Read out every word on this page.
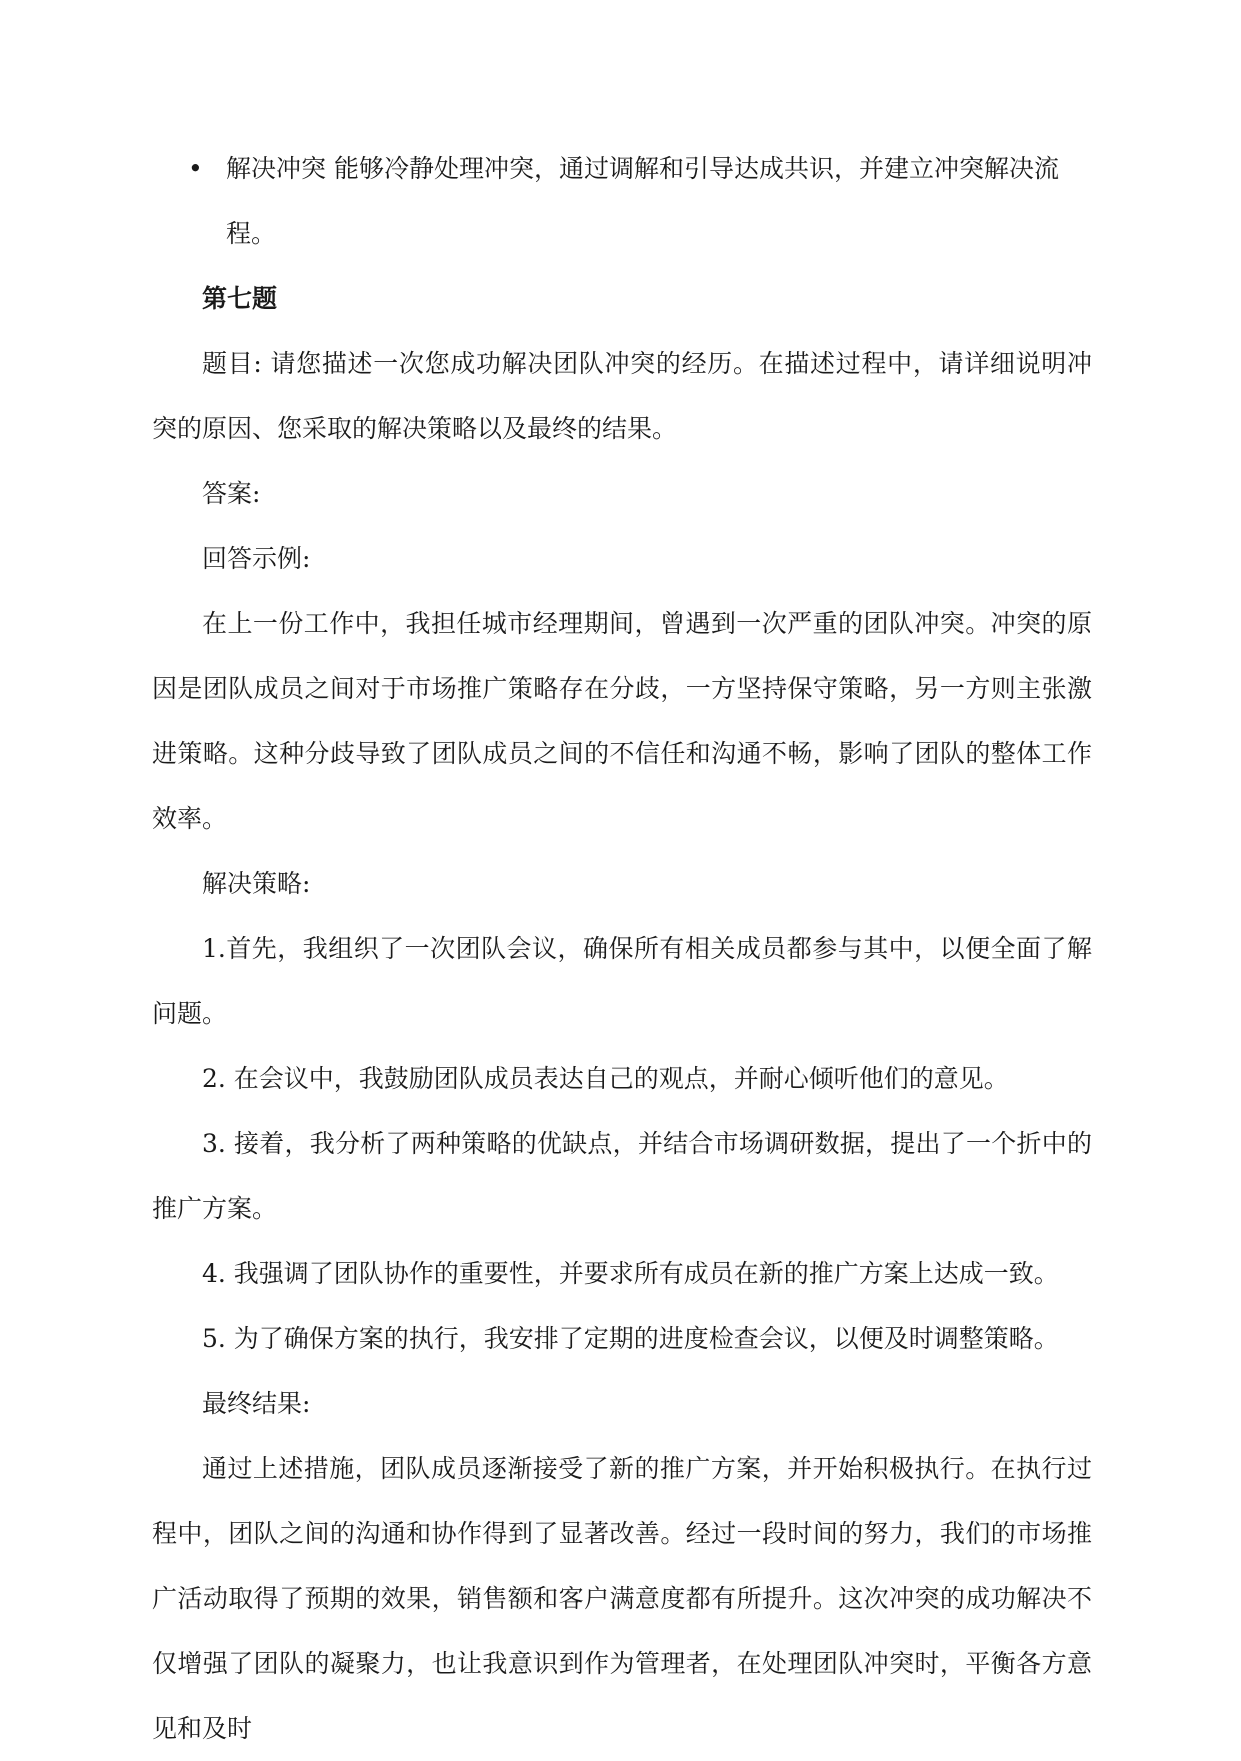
• 解决冲突 能够冷静处理冲突，通过调解和引导达成共识，并建立冲突解决流程。

第七题

题目: 请您描述一次您成功解决团队冲突的经历。在描述过程中，请详细说明冲突的原因、您采取的解决策略以及最终的结果。

答案:

回答示例:

在上一份工作中，我担任城市经理期间，曾遇到一次严重的团队冲突。冲突的原因是团队成员之间对于市场推广策略存在分歧，一方坚持保守策略，另一方则主张激进策略。这种分歧导致了团队成员之间的不信任和沟通不畅，影响了团队的整体工作效率。

解决策略:

1.首先，我组织了一次团队会议，确保所有相关成员都参与其中，以便全面了解问题。

2. 在会议中，我鼓励团队成员表达自己的观点，并耐心倾听他们的意见。

3. 接着，我分析了两种策略的优缺点，并结合市场调研数据，提出了一个折中的推广方案。

4. 我强调了团队协作的重要性，并要求所有成员在新的推广方案上达成一致。

5. 为了确保方案的执行，我安排了定期的进度检查会议，以便及时调整策略。

最终结果:

通过上述措施，团队成员逐渐接受了新的推广方案，并开始积极执行。在执行过程中，团队之间的沟通和协作得到了显著改善。经过一段时间的努力，我们的市场推广活动取得了预期的效果，销售额和客户满意度都有所提升。这次冲突的成功解决不仅增强了团队的凝聚力，也让我意识到作为管理者，在处理团队冲突时，平衡各方意见和及时
